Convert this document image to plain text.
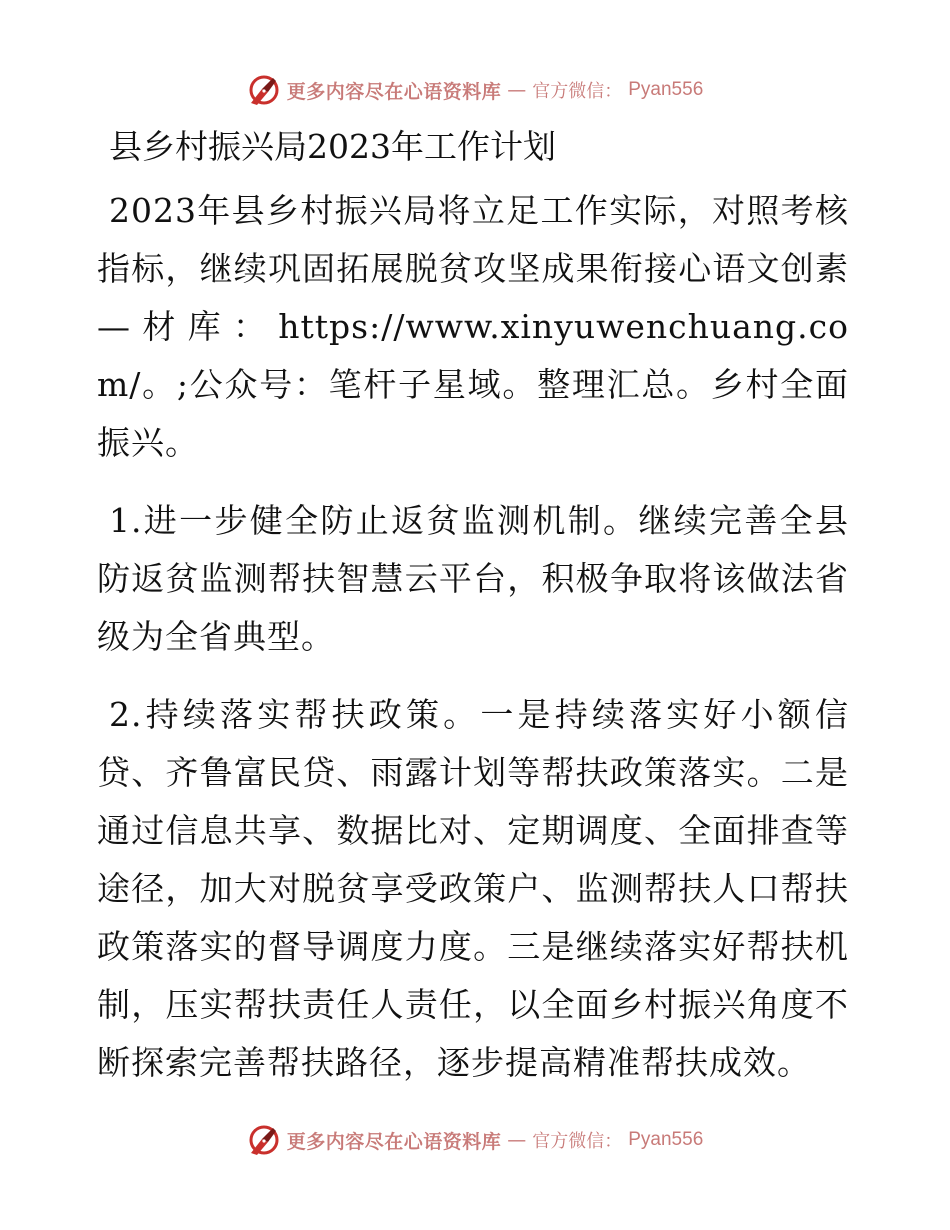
更多内容尽在心语资料库 — 官方微信： Pyan556
县乡村振兴局2023年工作计划

2023年县乡村振兴局将立足工作实际，对照考核指标，继续巩固拓展脱贫攻坚成果衔接心语文创素—材库：https://www.xinyuwenchuang.com/。;公众号：笔杆子星域。整理汇总。乡村全面振兴。

1.进一步健全防止返贫监测机制。继续完善全县防返贫监测帮扶智慧云平台，积极争取将该做法省级为全省典型。

2.持续落实帮扶政策。一是持续落实好小额信贷、齐鲁富民贷、雨露计划等帮扶政策落实。二是通过信息共享、数据比对、定期调度、全面排查等途径，加大对脱贫享受政策户、监测帮扶人口帮扶政策落实的督导调度力度。三是继续落实好帮扶机制，压实帮扶责任人责任，以全面乡村振兴角度不断探索完善帮扶路径，逐步提高精准帮扶成效。

更多内容尽在心语资料库 — 官方微信： Pyan556
